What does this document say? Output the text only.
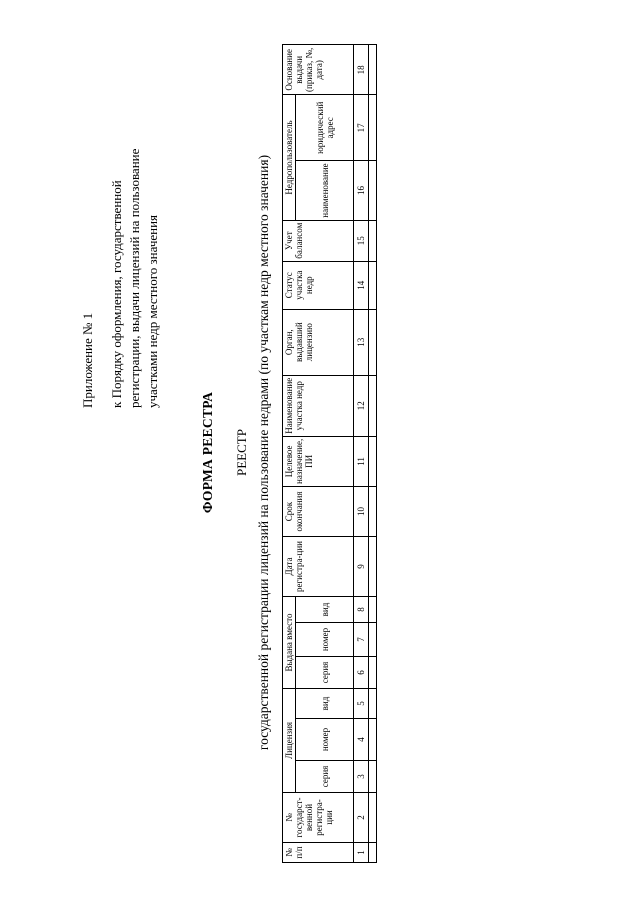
Приложение № 1 к Порядку оформления, государственной регистрации, выдачи лицензий на пользование участками недр местного значения
ФОРМА РЕЕСТРА РЕЕСТР государственной регистрации лицензий на пользование недрами (по участкам недр местного значения)
№ п/п	№ государст-венной регистра-ции	Лицензия			Выдана вместо			Дата регистра-ции	Срок окончания	Целевое назначение, ПИ	Наименование участка недр	Орган, выдавший лицензию	Статус участка недр	Учет балансом	Недропользователь		Основание выдачи (приказ, №, дата)
		серия	номер	вид	серия	номер	вид								наименование	юридический адрес	
1	2	3	4	5	6	7	8	9	10	11	12	13	14	15	16	17	18
